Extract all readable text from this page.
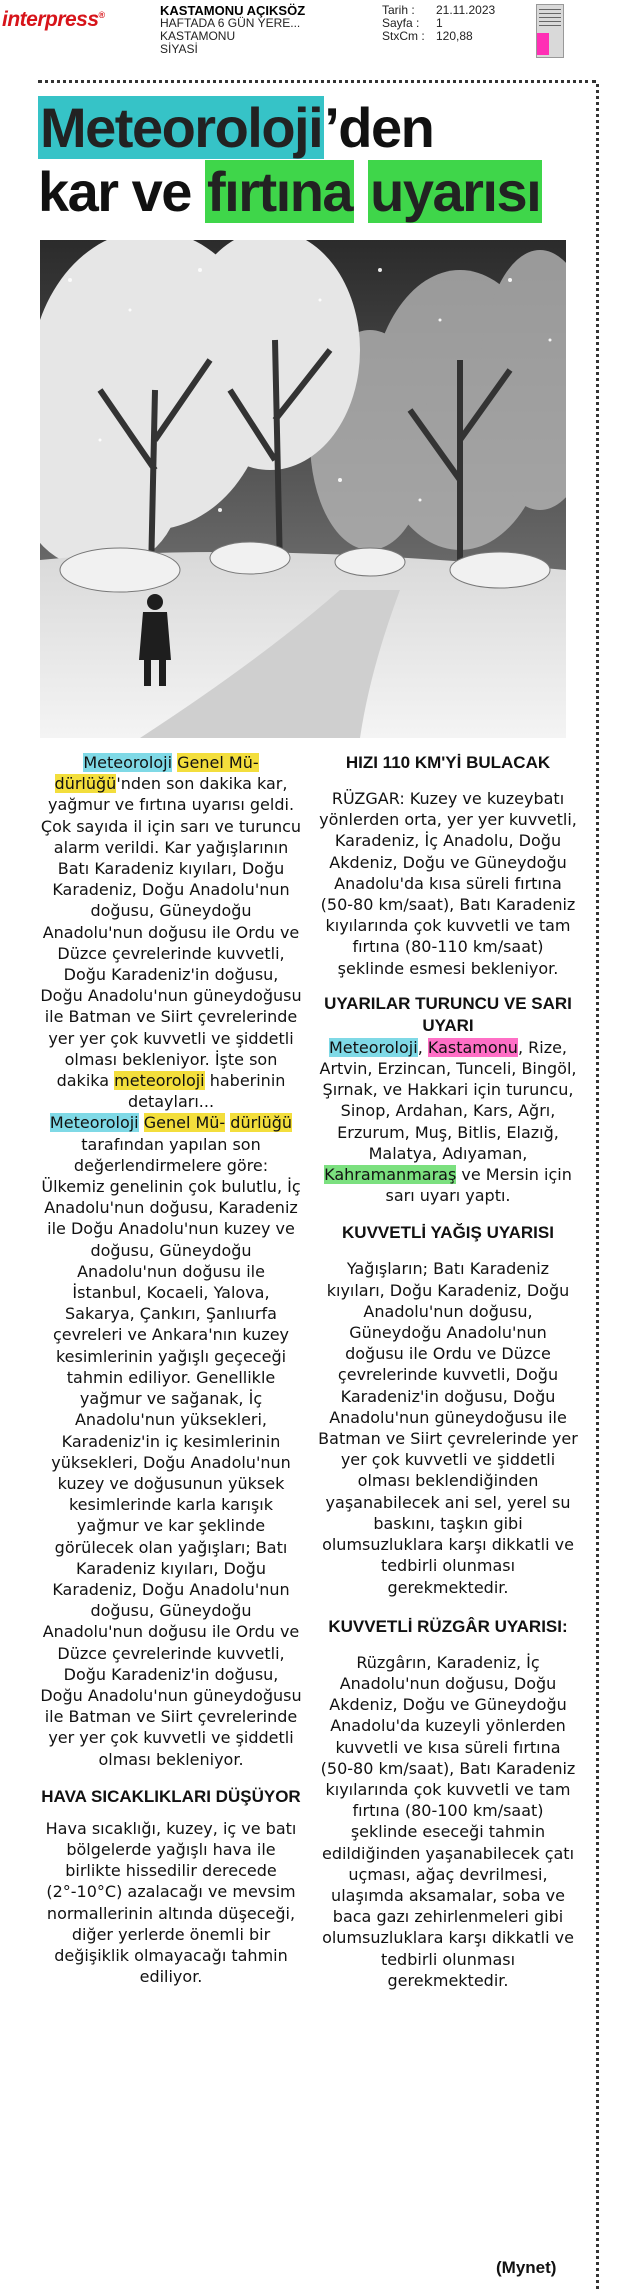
interpress®	KASTAMONU AÇIKSÖZ
HAFTADA 6 GÜN YERE...
KASTAMONU
SİYASİ
Tarih :	21.11.2023
Sayfa :	1
StxCm : 120,88
Meteoroloji’den
kar ve fırtına uyarısı

Meteoroloji Genel Mü- dürlüğü'nden son dakika kar, yağmur ve fırtına uyarısı geldi. Çok sayıda il için sarı ve turuncu alarm verildi. Kar yağışlarının Batı Karadeniz kıyıları, Doğu Karadeniz, Doğu Anadolu'nun doğusu, Güneydoğu Anadolu'nun doğusu ile Ordu ve Düzce çevrelerinde kuvvetli, Doğu Karadeniz'in doğusu, Doğu Anadolu'nun güneydoğusu ile Batman ve Siirt çevrelerinde yer yer çok kuvvetli ve şiddetli olması bekleniyor. İşte son dakika meteoroloji haberinin detayları...

Meteoroloji Genel Mü- dürlüğü tarafından yapılan son değerlendirmelere göre: Ülkemiz genelinin çok bulutlu, İç Anadolu'nun doğusu, Karadeniz ile Doğu Anadolu'nun kuzey ve doğusu, Güneydoğu Anadolu'nun doğusu ile İstanbul, Kocaeli, Yalova, Sakarya, Çankırı, Şanlıurfa çevreleri ve Ankara'nın kuzey kesimlerinin yağışlı geçeceği tahmin ediliyor. Genellikle yağmur ve sağanak, İç Anadolu'nun yüksekleri, Karadeniz'in iç kesimlerinin yüksekleri, Doğu Anadolu'nun kuzey ve doğusunun yüksek kesimlerinde karla karışık yağmur ve kar şeklinde görülecek olan yağışları; Batı Karadeniz kıyıları, Doğu Karadeniz, Doğu Anadolu'nun doğusu, Güneydoğu Anadolu'nun doğusu ile Ordu ve Düzce çevrelerinde kuvvetli, Doğu Karadeniz'in doğusu, Doğu Anadolu'nun güneydoğusu ile Batman ve Siirt çevrelerinde yer yer çok kuvvetli ve şiddetli olması bekleniyor.

HAVA SICAKLIKLARI DÜŞÜYOR

Hava sıcaklığı, kuzey, iç ve batı bölgelerde yağışlı hava ile birlikte hissedilir derecede (2°-10°C) azalacağı ve mevsim normallerinin altında düşeceği, diğer yerlerde önemli bir değişiklik olmayacağı tahmin ediliyor.

HIZI 110 KM'Yİ BULACAK

RÜZGAR: Kuzey ve kuzeybatı yönlerden orta, yer yer kuvvetli, Karadeniz, İç Anadolu, Doğu Akdeniz, Doğu ve Güneydoğu Anadolu'da kısa süreli fırtına (50-80 km/saat), Batı Karadeniz kıyılarında çok kuvvetli ve tam fırtına (80-110 km/saat) şeklinde esmesi bekleniyor.

UYARILAR TURUNCU VE SARI UYARI

Meteoroloji, Kastamonu, Rize, Artvin, Erzincan, Tunceli, Bingöl, Şırnak, ve Hakkari için turuncu, Sinop, Ardahan, Kars, Ağrı, Erzurum, Muş, Bitlis, Elazığ, Malatya, Adıyaman, Kahramanmaraş ve Mersin için sarı uyarı yaptı.

KUVVETLİ YAĞIŞ UYARISI

Yağışların; Batı Karadeniz kıyıları, Doğu Karadeniz, Doğu Anadolu'nun doğusu, Güneydoğu Anadolu'nun doğusu ile Ordu ve Düzce çevrelerinde kuvvetli, Doğu Karadeniz'in doğusu, Doğu Anadolu'nun güneydoğusu ile Batman ve Siirt çevrelerinde yer yer çok kuvvetli ve şiddetli olması beklendiğinden yaşanabilecek ani sel, yerel su baskını, taşkın gibi olumsuzluklara karşı dikkatli ve tedbirli olunması gerekmektedir.

KUVVETLİ RÜZGÂR UYARISI:

Rüzgârın, Karadeniz, İç Anadolu'nun doğusu, Doğu Akdeniz, Doğu ve Güneydoğu Anadolu'da kuzeyli yönlerden kuvvetli ve kısa süreli fırtına (50-80 km/saat), Batı Karadeniz kıyılarında çok kuvvetli ve tam fırtına (80-100 km/saat) şeklinde eseceği tahmin edildiğinden yaşanabilecek çatı uçması, ağaç devrilmesi, ulaşımda aksamalar, soba ve baca gazı zehirlenmeleri gibi olumsuzluklara karşı dikkatli ve tedbirli olunması gerekmektedir.

(Mynet)
